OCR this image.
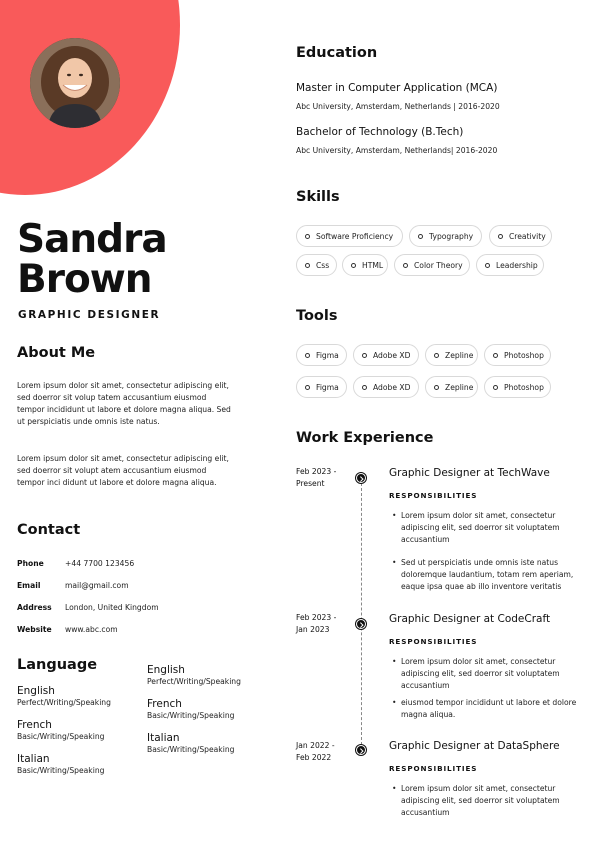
Sandra
Brown
GRAPHIC DESIGNER
About Me
Lorem ipsum dolor sit amet, consectetur adipiscing elit, sed doerror sit volup tatem accusantium eiusmod tempor incididunt ut labore et dolore magna aliqua. Sed ut perspiciatis unde omnis iste natus.
Lorem ipsum dolor sit amet, consectetur adipiscing elit, sed doerror sit volupt atem accusantium eiusmod tempor inci didunt ut labore et dolore magna aliqua.
Contact
Phone	+44 7700 123456
Email	mail@gmail.com
Address	London, United Kingdom
Website	www.abc.com
Language
English
Perfect/Writing/Speaking
French
Basic/Writing/Speaking
Italian
Basic/Writing/Speaking
English
Perfect/Writing/Speaking
French
Basic/Writing/Speaking
Italian
Basic/Writing/Speaking
Education
Master in Computer Application (MCA)
Abc University, Amsterdam, Netherlands | 2016-2020
Bachelor of Technology (B.Tech)
Abc University, Amsterdam, Netherlands| 2016-2020
Skills
Software Proficiency	Typography	Creativity
Css	HTML	Color Theory	Leadership
Tools
Figma	Adobe XD	Zepline	Photoshop
Figma	Adobe XD	Zepline	Photoshop
Work Experience
Feb 2023 -
Present
Graphic Designer at TechWave
RESPONSIBILITIES
• Lorem ipsum dolor sit amet, consectetur adipiscing elit, sed doerror sit voluptatem accusantium
• Sed ut perspiciatis unde omnis iste natus doloremque laudantium, totam rem aperiam, eaque ipsa quae ab illo inventore veritatis
Feb 2023 -
Jan 2023
Graphic Designer at CodeCraft
RESPONSIBILITIES
• Lorem ipsum dolor sit amet, consectetur adipiscing elit, sed doerror sit voluptatem accusantium
• eiusmod tempor incididunt ut labore et dolore magna aliqua.
Jan 2022 -
Feb 2022
Graphic Designer at DataSphere
RESPONSIBILITIES
• Lorem ipsum dolor sit amet, consectetur adipiscing elit, sed doerror sit voluptatem accusantium
